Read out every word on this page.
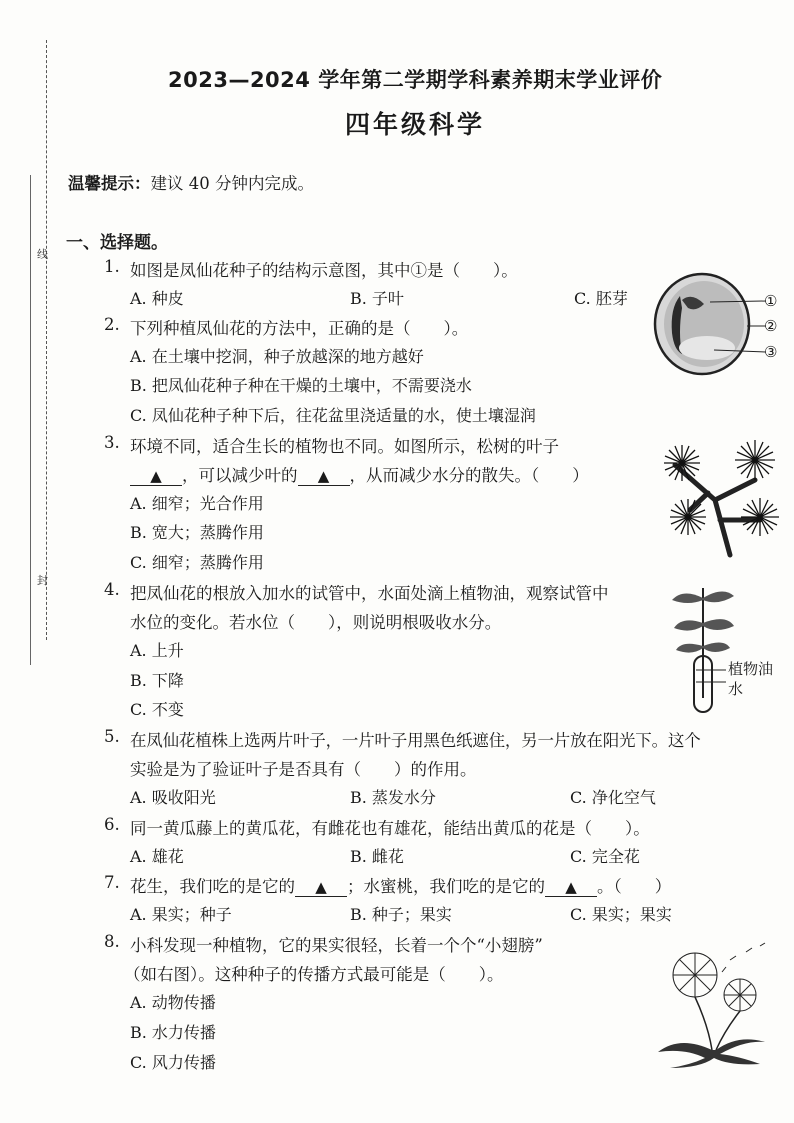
线
封
2023—2024 学年第二学期学科素养期末学业评价
四年级科学
温馨提示：建议 40 分钟内完成。
一、选择题。
1. 如图是凤仙花种子的结构示意图，其中①是（　　）。
A. 种皮	B. 子叶	C. 胚芽
2. 下列种植凤仙花的方法中，正确的是（　　）。
A. 在土壤中挖洞，种子放越深的地方越好
B. 把凤仙花种子种在干燥的土壤中，不需要浇水
C. 凤仙花种子种下后，往花盆里浇适量的水，使土壤湿润
3. 环境不同，适合生长的植物也不同。如图所示，松树的叶子
▲ ，可以减少叶的 ▲ ，从而减少水分的散失。（　　）
A. 细窄；光合作用
B. 宽大；蒸腾作用
C. 细窄；蒸腾作用
4. 把凤仙花的根放入加水的试管中，水面处滴上植物油，观察试管中
水位的变化。若水位（　　），则说明根吸收水分。
A. 上升
B. 下降
C. 不变
5. 在凤仙花植株上选两片叶子，一片叶子用黑色纸遮住，另一片放在阳光下。这个
实验是为了验证叶子是否具有（　　）的作用。
A. 吸收阳光	B. 蒸发水分	C. 净化空气
6. 同一黄瓜藤上的黄瓜花，有雌花也有雄花，能结出黄瓜的花是（　　）。
A. 雄花	B. 雌花	C. 完全花
7. 花生，我们吃的是它的 ▲ ；水蜜桃，我们吃的是它的 ▲ 。（　　）
A. 果实；种子	B. 种子；果实	C. 果实；果实
8. 小科发现一种植物，它的果实很轻，长着一个个“小翅膀”
（如右图）。这种种子的传播方式最可能是（　　）。
A. 动物传播
B. 水力传播
C. 风力传播
①
②
③
植物油
水
